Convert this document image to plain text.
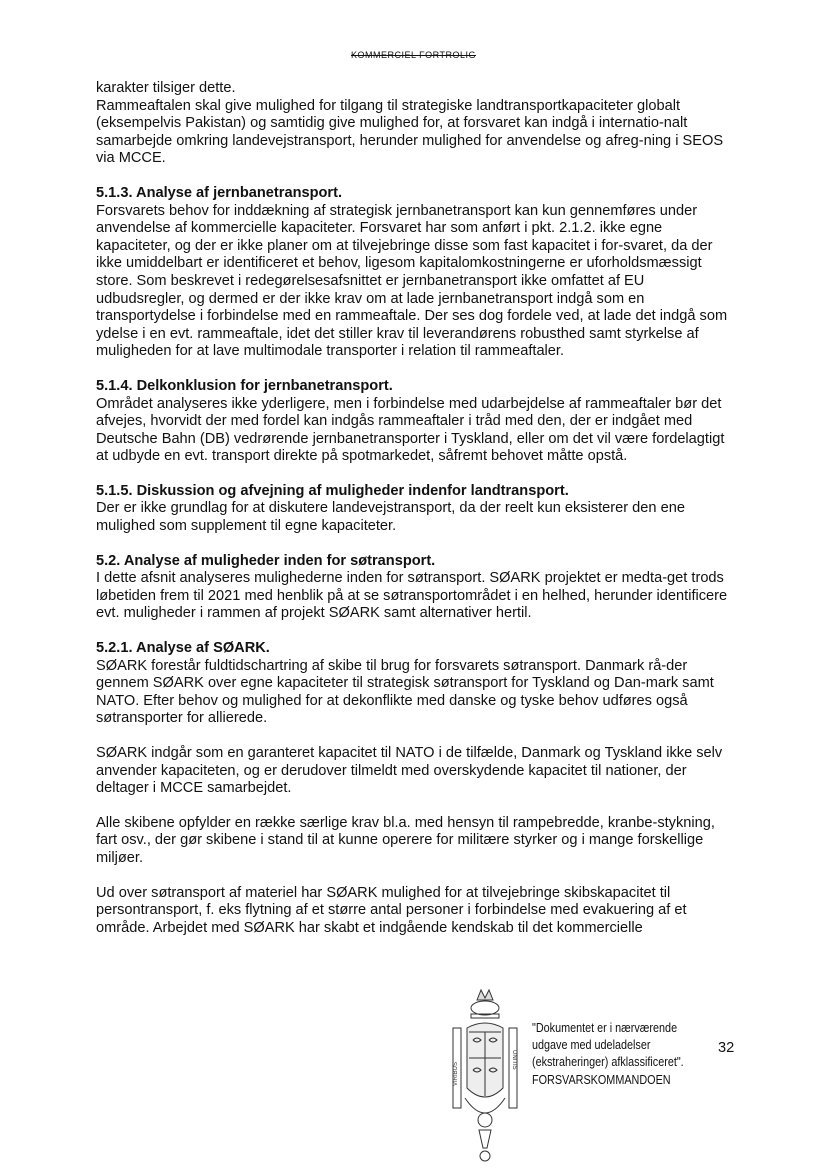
KOMMERCIEL FORTROLIG

karakter tilsiger dette.

Rammeaftalen skal give mulighed for tilgang til strategiske landtransportkapaciteter globalt (eksempelvis Pakistan) og samtidig give mulighed for, at forsvaret kan indgå i internatio-nalt samarbejde omkring landevejstransport, herunder mulighed for anvendelse og afreg-ning i SEOS via MCCE.

5.1.3. Analyse af jernbanetransport.

Forsvarets behov for inddækning af strategisk jernbanetransport kan kun gennemføres under anvendelse af kommercielle kapaciteter. Forsvaret har som anført i pkt. 2.1.2. ikke egne kapaciteter, og der er ikke planer om at tilvejebringe disse som fast kapacitet i for-svaret, da der ikke umiddelbart er identificeret et behov, ligesom kapitalomkostningerne er uforholdsmæssigt store. Som beskrevet i redegørelsesafsnittet er jernbanetransport ikke omfattet af EU udbudsregler, og dermed er der ikke krav om at lade jernbanetransport indgå som en transportydelse i forbindelse med en rammeaftale. Der ses dog fordele ved, at lade det indgå som ydelse i en evt. rammeaftale, idet det stiller krav til leverandørens robusthed samt styrkelse af muligheden for at lave multimodale transporter i relation til rammeaftaler.

5.1.4. Delkonklusion for jernbanetransport.

Området analyseres ikke yderligere, men i forbindelse med udarbejdelse af rammeaftaler bør det afvejes, hvorvidt der med fordel kan indgås rammeaftaler i tråd med den, der er indgået med Deutsche Bahn (DB) vedrørende jernbanetransporter i Tyskland, eller om det vil være fordelagtigt at udbyde en evt. transport direkte på spotmarkedet, såfremt behovet måtte opstå.

5.1.5. Diskussion og afvejning af muligheder indenfor landtransport.

Der er ikke grundlag for at diskutere landevejstransport, da der reelt kun eksisterer den ene mulighed som supplement til egne kapaciteter.

5.2. Analyse af muligheder inden for søtransport.

I dette afsnit analyseres mulighederne inden for søtransport. SØARK projektet er medta-get trods løbetiden frem til 2021 med henblik på at se søtransportområdet i en helhed, herunder identificere evt. muligheder i rammen af projekt SØARK samt alternativer hertil.

5.2.1. Analyse af SØARK.

SØARK forestår fuldtidschartring af skibe til brug for forsvarets søtransport. Danmark rå-der gennem SØARK over egne kapaciteter til strategisk søtransport for Tyskland og Dan-mark samt NATO. Efter behov og mulighed for at dekonflikte med danske og tyske behov udføres også søtransporter for allierede.

SØARK indgår som en garanteret kapacitet til NATO i de tilfælde, Danmark og Tyskland ikke selv anvender kapaciteten, og er derudover tilmeldt med overskydende kapacitet til nationer, der deltager i MCCE samarbejdet.

Alle skibene opfylder en række særlige krav bl.a. med hensyn til rampebredde, kranbe-stykning, fart osv., der gør skibene i stand til at kunne operere for militære styrker og i mange forskellige miljøer.

Ud over søtransport af materiel har SØARK mulighed for at tilvejebringe skibskapacitet til persontransport, f. eks flytning af et større antal personer i forbindelse med evakuering af et område. Arbejdet med SØARK har skabt et indgående kendskab til det kommercielle

VIRIBUS
UNITIS
"Dokumentet er i nærværende
udgave med udeladelser
(ekstraheringer) afklassificeret".
FORSVARSKOMMANDOEN
32
